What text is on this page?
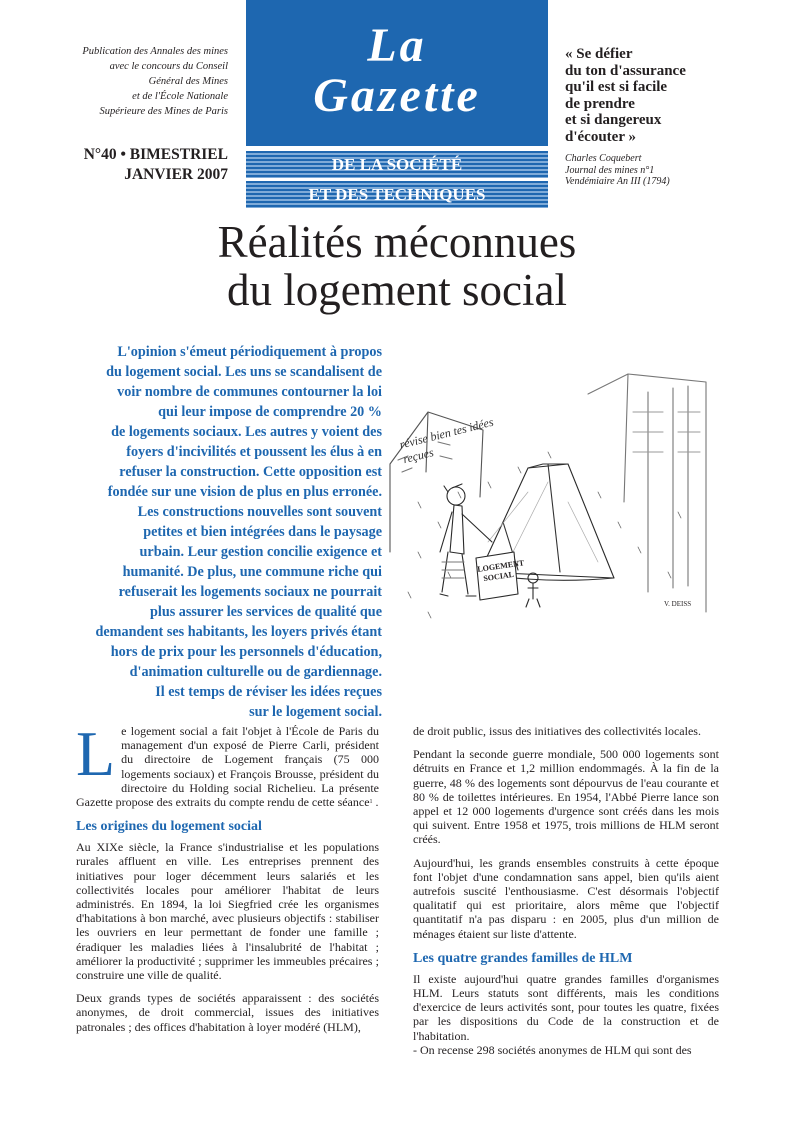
Publication des Annales des mines
avec le concours du Conseil
Général des Mines
et de l'École Nationale
Supérieure des Mines de Paris
N°40 • BIMESTRIEL
JANVIER 2007
La
Gazette
DE LA SOCIÉTÉ
ET DES TECHNIQUES
« Se défier
du ton d'assurance
qu'il est si facile
de prendre
et si dangereux
d'écouter »
Charles Coquebert
Journal des mines n°1
Vendémiaire An III (1794)
Réalités méconnues
du logement social
L'opinion s'émeut périodiquement à propos
du logement social. Les uns se scandalisent de
voir nombre de communes contourner la loi
qui leur impose de comprendre 20 %
de logements sociaux. Les autres y voient des
foyers d'incivilités et poussent les élus à en
refuser la construction. Cette opposition est
fondée sur une vision de plus en plus erronée.
Les constructions nouvelles sont souvent
petites et bien intégrées dans le paysage
urbain. Leur gestion concilie exigence et
humanité. De plus, une commune riche qui
refuserait les logements sociaux ne pourrait
plus assurer les services de qualité que
demandent ses habitants, les loyers privés étant
hors de prix pour les personnels d'éducation,
d'animation culturelle ou de gardiennage.
Il est temps de réviser les idées reçues
sur le logement social.
révise bien tes idées reçues
LOGEMENT SOCIAL
V. DEISS

Le logement social a fait l'objet à l'École de Paris du management d'un exposé de Pierre Carli, président du directoire de Logement français (75 000 logements sociaux) et François Brousse, président du directoire du Holding social Richelieu. La présente Gazette propose des extraits du compte rendu de cette séance$^1$ .

Les origines du logement social

Au XIXe siècle, la France s'industrialise et les populations rurales affluent en ville. Les entreprises prennent des initiatives pour loger décemment leurs salariés et les collectivités locales pour améliorer l'habitat de leurs administrés. En 1894, la loi Siegfried crée les organismes d'habitations à bon marché, avec plusieurs objectifs : stabiliser les ouvriers en leur permettant de fonder une famille ; éradiquer les maladies liées à l'insalubrité de l'habitat ; améliorer la productivité ; supprimer les immeubles précaires ; construire une ville de qualité.

Deux grands types de sociétés apparaissent : des sociétés anonymes, de droit commercial, issues des initiatives patronales ; des offices d'habitation à loyer modéré (HLM),

de droit public, issus des initiatives des collectivités locales.

Pendant la seconde guerre mondiale, 500 000 logements sont détruits en France et 1,2 million endommagés. À la fin de la guerre, 48 % des logements sont dépourvus de l'eau courante et 80 % de toilettes intérieures. En 1954, l'Abbé Pierre lance son appel et 12 000 logements d'urgence sont créés dans les mois qui suivent. Entre 1958 et 1975, trois millions de HLM seront créés.

Aujourd'hui, les grands ensembles construits à cette époque font l'objet d'une condamnation sans appel, bien qu'ils aient autrefois suscité l'enthousiasme. C'est désormais l'objectif qualitatif qui est prioritaire, alors même que l'objectif quantitatif n'a pas disparu : en 2005, plus d'un million de ménages étaient sur liste d'attente.

Les quatre grandes familles de HLM

Il existe aujourd'hui quatre grandes familles d'organismes HLM. Leurs statuts sont différents, mais les conditions d'exercice de leurs activités sont, pour toutes les quatre, fixées par les dispositions du Code de la construction et de l'habitation.

- On recense 298 sociétés anonymes de HLM qui sont des
